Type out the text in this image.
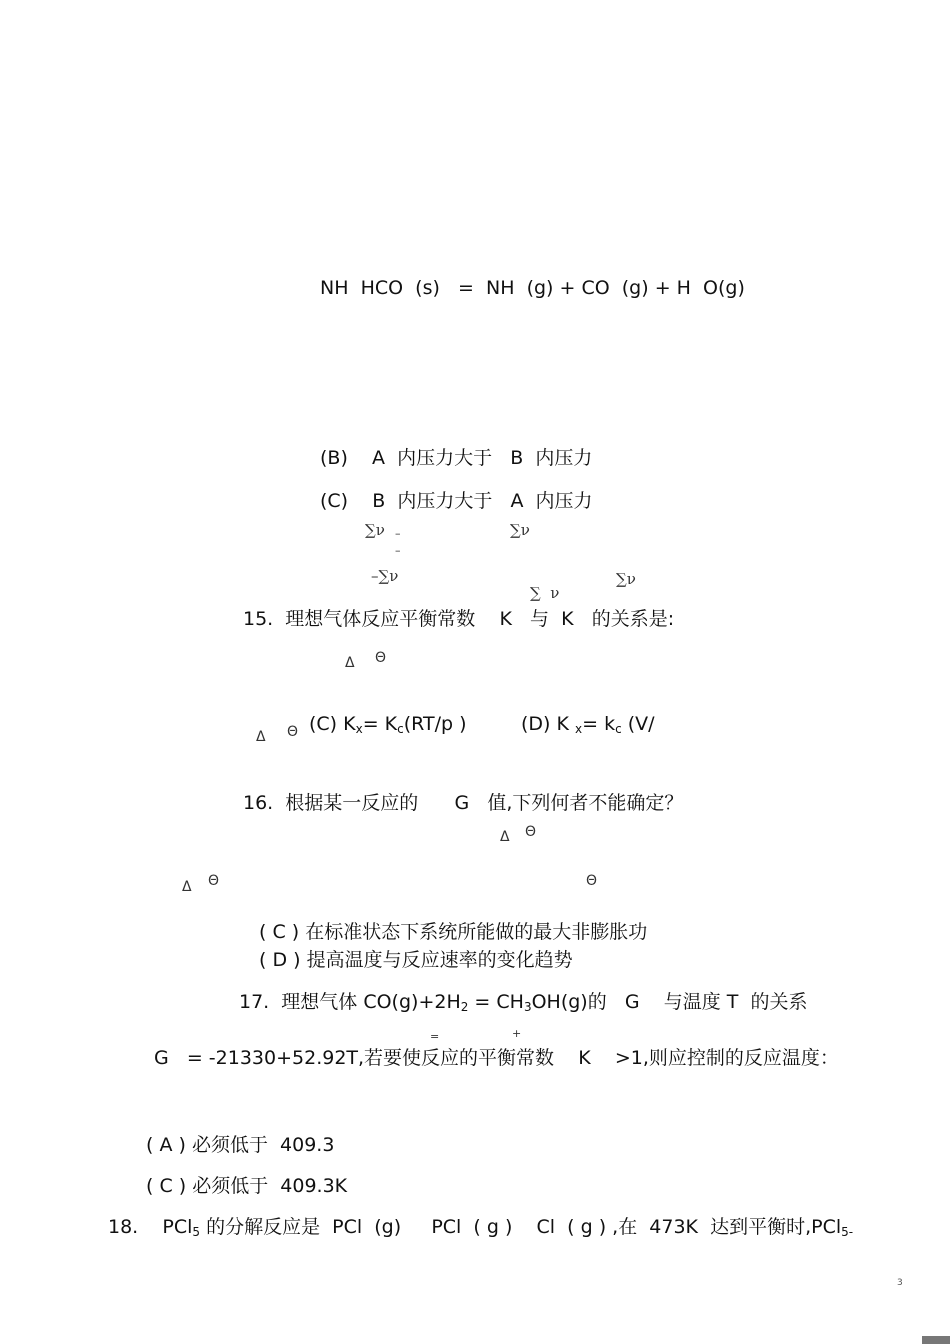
NH  HCO  (s)   =  NH  (g) + CO  (g) + H  O(g)
(B)    A  内压力大于   B  内压力
(C)    B  内压力大于   A  内压力
∑ν –	∑ν
–
–∑ν
∑  ν
∑ν
15.  理想气体反应平衡常数    K   与  K   的关系是:
Δ Θ
Δ Θ (C) $K_x= K_c(RT/p$ )	(D) K $_x= k_c$ (V/
16.  根据某一反应的      G   值,下列何者不能确定？
Δ Θ
Δ Θ	Θ
( C ) 在标准状态下系统所能做的最大非膨胀功
( D ) 提高温度与反应速率的变化趋势
17.  理想气体 $CO(g)+2H_2 = CH_3OH(g)$的   G    与温度 T  的关系
=	+
G   = -21330+52.92T,若要使反应的平衡常数    K    >1,则应控制的反应温度：
( A ) 必须低于  409.3
( C ) 必须低于  409.3K
18.    PCl$_5$ 的分解反应是  PCl  (g)     PCl  ( g )    Cl  ( g ) ,在  473K  达到平衡时,PCl$_{5-}$
3
